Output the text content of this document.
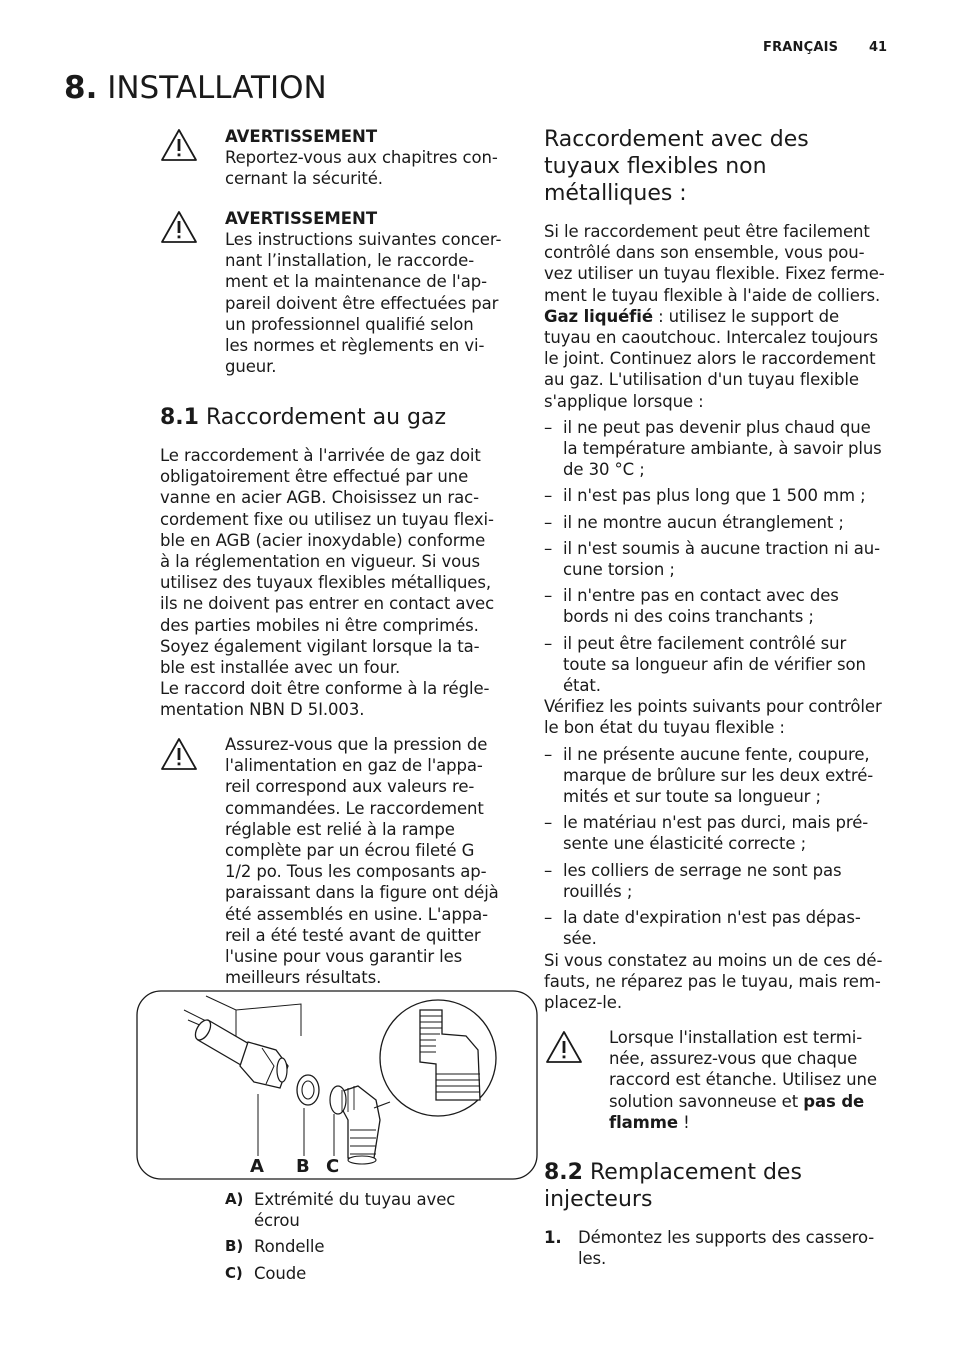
FRANÇAIS 41
8. INSTALLATION
AVERTISSEMENT
Reportez-vous aux chapitres con-
cernant la sécurité.
AVERTISSEMENT
Les instructions suivantes concer-
nant l’installation, le raccorde-
ment et la maintenance de l'ap-
pareil doivent être effectuées par
un professionnel qualifié selon
les normes et règlements en vi-
gueur.
8.1 Raccordement au gaz
Le raccordement à l'arrivée de gaz doit
obligatoirement être effectué par une
vanne en acier AGB. Choisissez un rac-
cordement fixe ou utilisez un tuyau flexi-
ble en AGB (acier inoxydable) conforme
à la réglementation en vigueur. Si vous
utilisez des tuyaux flexibles métalliques,
ils ne doivent pas entrer en contact avec
des parties mobiles ni être comprimés.
Soyez également vigilant lorsque la ta-
ble est installée avec un four.
Le raccord doit être conforme à la régle-
mentation NBN D 5I.003.
Assurez-vous que la pression de
l'alimentation en gaz de l'appa-
reil correspond aux valeurs re-
commandées. Le raccordement
réglable est relié à la rampe
complète par un écrou fileté G
1/2 po. Tous les composants ap-
paraissant dans la figure ont déjà
été assemblés en usine. L'appa-
reil a été testé avant de quitter
l'usine pour vous garantir les
meilleurs résultats.
A B C
A) Extrémité du tuyau avec
écrou
B) Rondelle
C) Coude
Raccordement avec des
tuyaux flexibles non
métalliques :
Si le raccordement peut être facilement
contrôlé dans son ensemble, vous pou-
vez utiliser un tuyau flexible. Fixez ferme-
ment le tuyau flexible à l'aide de colliers.
Gaz liquéfié : utilisez le support de
tuyau en caoutchouc. Intercalez toujours
le joint. Continuez alors le raccordement
au gaz. L'utilisation d'un tuyau flexible
s'applique lorsque :
– il ne peut pas devenir plus chaud que
la température ambiante, à savoir plus
de 30 °C ;
– il n'est pas plus long que 1 500 mm ;
– il ne montre aucun étranglement ;
– il n'est soumis à aucune traction ni au-
cune torsion ;
– il n'entre pas en contact avec des
bords ni des coins tranchants ;
– il peut être facilement contrôlé sur
toute sa longueur afin de vérifier son
état.
Vérifiez les points suivants pour contrôler
le bon état du tuyau flexible :
– il ne présente aucune fente, coupure,
marque de brûlure sur les deux extré-
mités et sur toute sa longueur ;
– le matériau n'est pas durci, mais pré-
sente une élasticité correcte ;
– les colliers de serrage ne sont pas
rouillés ;
– la date d'expiration n'est pas dépas-
sée.
Si vous constatez au moins un de ces dé-
fauts, ne réparez pas le tuyau, mais rem-
placez-le.
Lorsque l'installation est termi-
née, assurez-vous que chaque
raccord est étanche. Utilisez une
solution savonneuse et pas de
flamme !
8.2 Remplacement des
injecteurs
1. Démontez les supports des cassero-
les.
